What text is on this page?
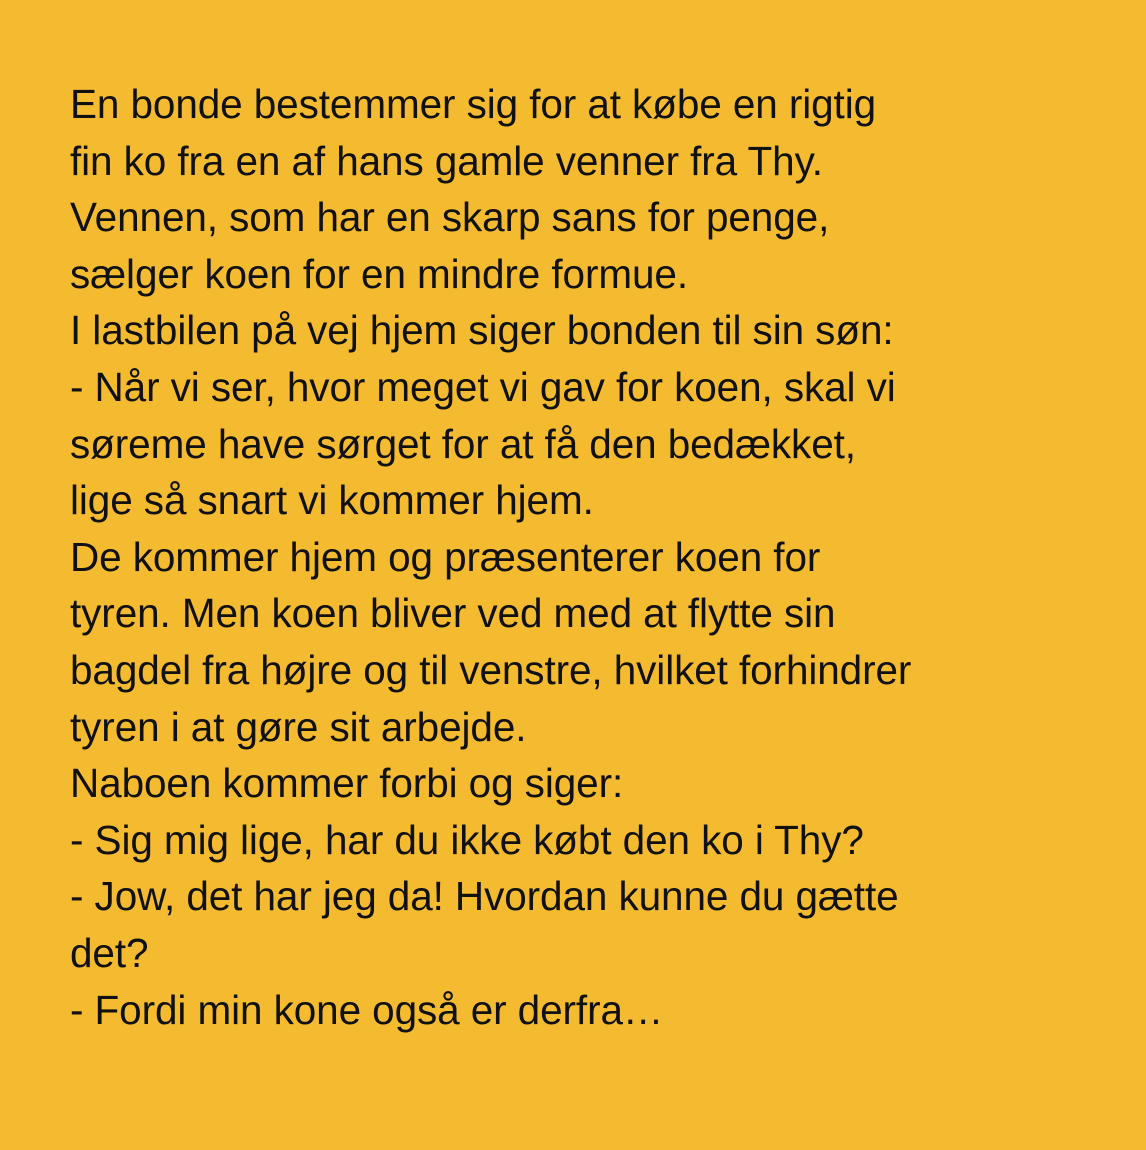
En bonde bestemmer sig for at købe en rigtig
fin ko fra en af hans gamle venner fra Thy.
Vennen, som har en skarp sans for penge,
sælger koen for en mindre formue.
I lastbilen på vej hjem siger bonden til sin søn:
- Når vi ser, hvor meget vi gav for koen, skal vi
søreme have sørget for at få den bedækket,
lige så snart vi kommer hjem.
De kommer hjem og præsenterer koen for
tyren. Men koen bliver ved med at flytte sin
bagdel fra højre og til venstre, hvilket forhindrer
tyren i at gøre sit arbejde.
Naboen kommer forbi og siger:
- Sig mig lige, har du ikke købt den ko i Thy?
- Jow, det har jeg da! Hvordan kunne du gætte
det?
- Fordi min kone også er derfra…
